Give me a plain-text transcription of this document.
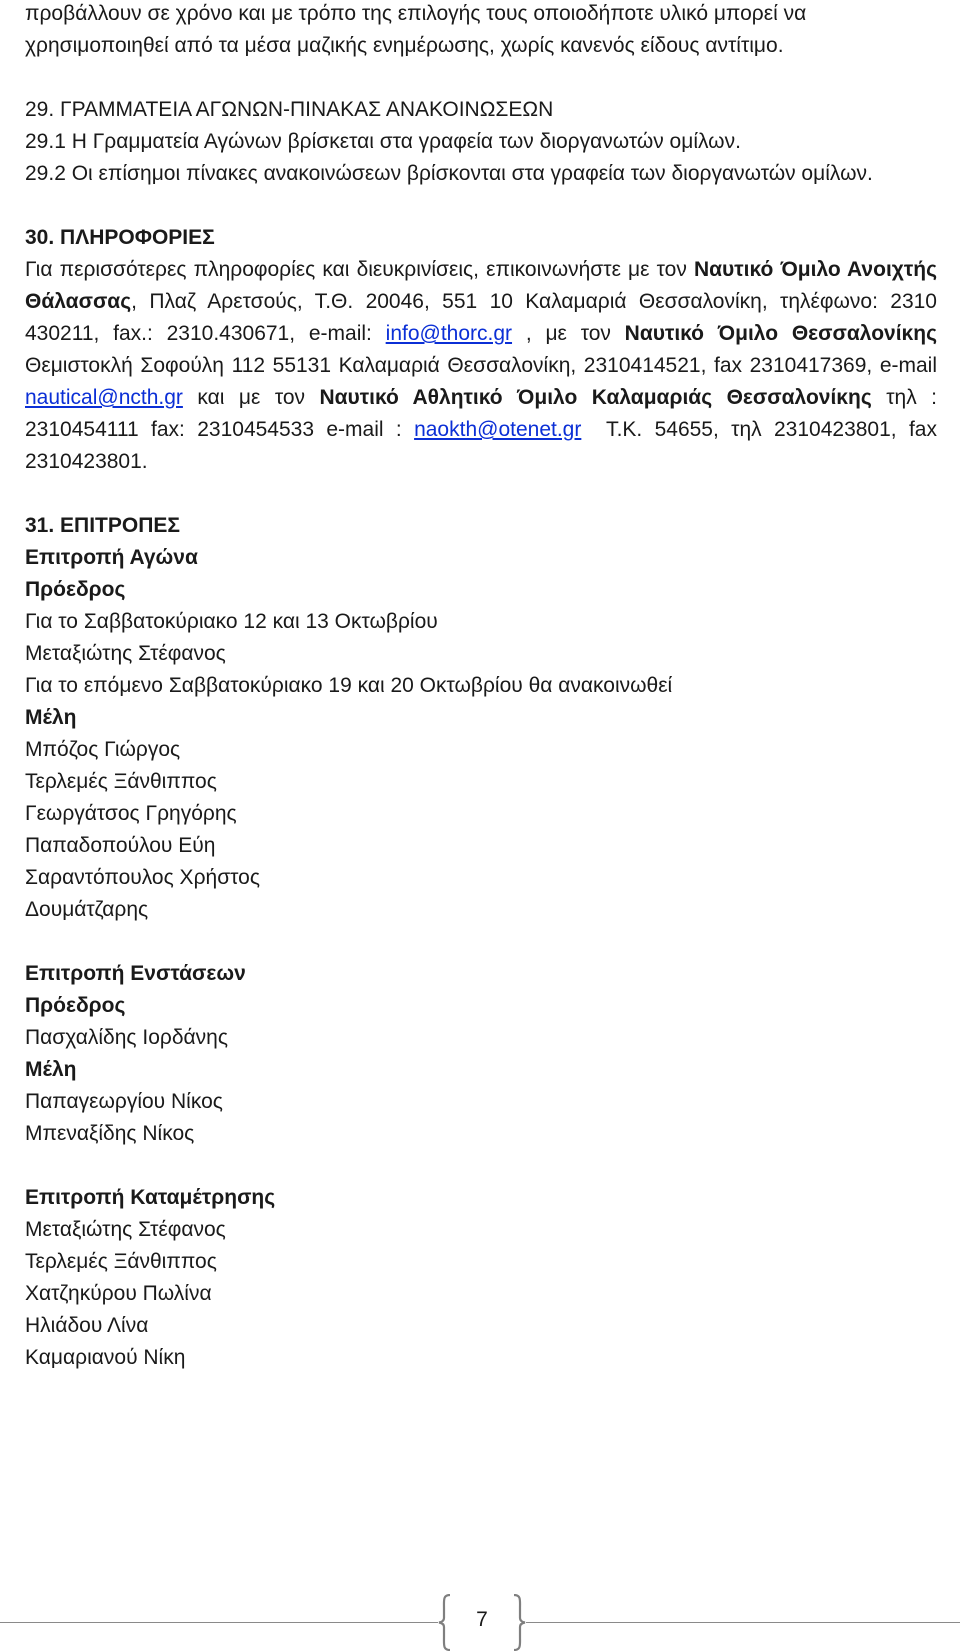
προβάλλουν σε χρόνο και με τρόπο της επιλογής τους οποιοδήποτε υλικό μπορεί να

χρησιμοποιηθεί από τα μέσα μαζικής ενημέρωσης, χωρίς κανενός είδους αντίτιμο.

29. ΓΡΑΜΜΑΤΕΙΑ ΑΓΩΝΩΝ-ΠΙΝΑΚΑΣ ΑΝΑΚΟΙΝΩΣΕΩΝ

29.1 Η Γραμματεία Αγώνων βρίσκεται στα γραφεία των διοργανωτών ομίλων.

29.2 Οι επίσημοι πίνακες ανακοινώσεων βρίσκονται στα γραφεία των διοργανωτών ομίλων.

30. ΠΛΗΡΟΦΟΡΙΕΣ

Για περισσότερες πληροφορίες και διευκρινίσεις, επικοινωνήστε με τον Ναυτικό Όμιλο Ανοιχτής Θάλασσας, Πλαζ Αρετσούς, Τ.Θ. 20046, 551 10 Καλαμαριά Θεσσαλονίκη, τηλέφωνο: 2310 430211, fax.: 2310.430671, e-mail: info@thorc.gr , με τον Ναυτικό Όμιλο Θεσσαλονίκης Θεμιστοκλή Σοφούλη 112 55131 Καλαμαριά Θεσσαλονίκη, 2310414521, fax 2310417369, e-mail nautical@ncth.gr και με τον Ναυτικό Αθλητικό Όμιλο Καλαμαριάς Θεσσαλονίκης τηλ : 2310454111 fax: 2310454533 e-mail : naokth@otenet.gr  Τ.Κ. 54655, τηλ 2310423801, fax 2310423801.

31. ΕΠΙΤΡΟΠΕΣ

Επιτροπή Αγώνα

Πρόεδρος

Για το Σαββατοκύριακο 12 και 13 Οκτωβρίου

Μεταξιώτης Στέφανος

Για το επόμενο Σαββατοκύριακο 19 και 20 Οκτωβρίου θα ανακοινωθεί

Μέλη

Μπόζος Γιώργος

Τερλεμές Ξάνθιππος

Γεωργάτσος Γρηγόρης

Παπαδοπούλου Εύη

Σαραντόπουλος Χρήστος

Δουμάτζαρης

Επιτροπή Ενστάσεων

Πρόεδρος

Πασχαλίδης Ιορδάνης

Μέλη

Παπαγεωργίου Νίκος

Μπεναξίδης Νίκος

Επιτροπή Καταμέτρησης

Μεταξιώτης Στέφανος

Τερλεμές Ξάνθιππος

Χατζηκύρου Πωλίνα

Ηλιάδου Λίνα

Καμαριανού Νίκη

7
